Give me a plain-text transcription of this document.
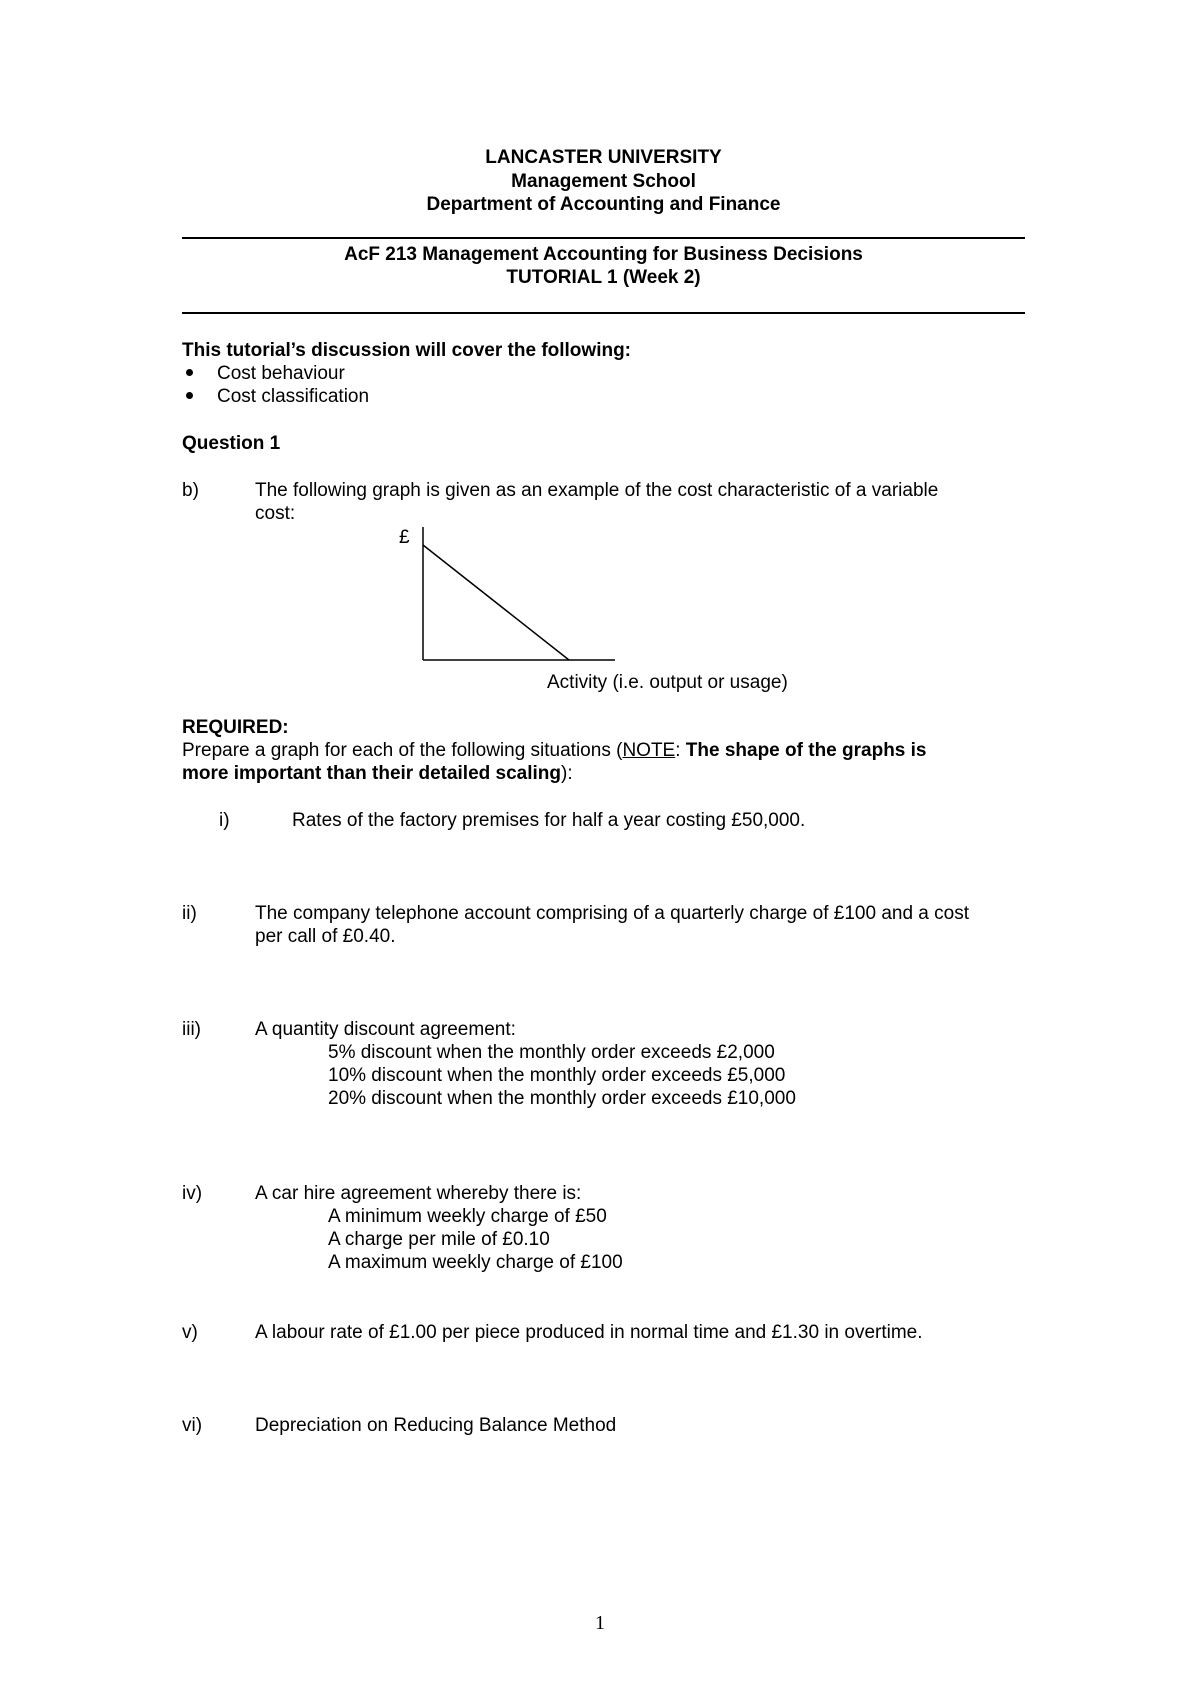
LANCASTER UNIVERSITY
Management School
Department of Accounting and Finance
AcF 213 Management Accounting for Business Decisions
TUTORIAL 1 (Week 2)
This tutorial’s discussion will cover the following:
Cost behaviour
Cost classification
Question 1
b)	The following graph is given as an example of the cost characteristic of a variable
cost:
£
Activity (i.e. output or usage)
REQUIRED:
Prepare a graph for each of the following situations (NOTE: The shape of the graphs is
more important than their detailed scaling):
i)	Rates of the factory premises for half a year costing £50,000.
ii)	The company telephone account comprising of a quarterly charge of £100 and a cost
per call of £0.40.
iii)	A quantity discount agreement:
5% discount when the monthly order exceeds £2,000
10% discount when the monthly order exceeds £5,000
20% discount when the monthly order exceeds £10,000
iv)	A car hire agreement whereby there is:
A minimum weekly charge of £50
A charge per mile of £0.10
A maximum weekly charge of £100
v)	A labour rate of £1.00 per piece produced in normal time and £1.30 in overtime.
vi)	Depreciation on Reducing Balance Method
1
